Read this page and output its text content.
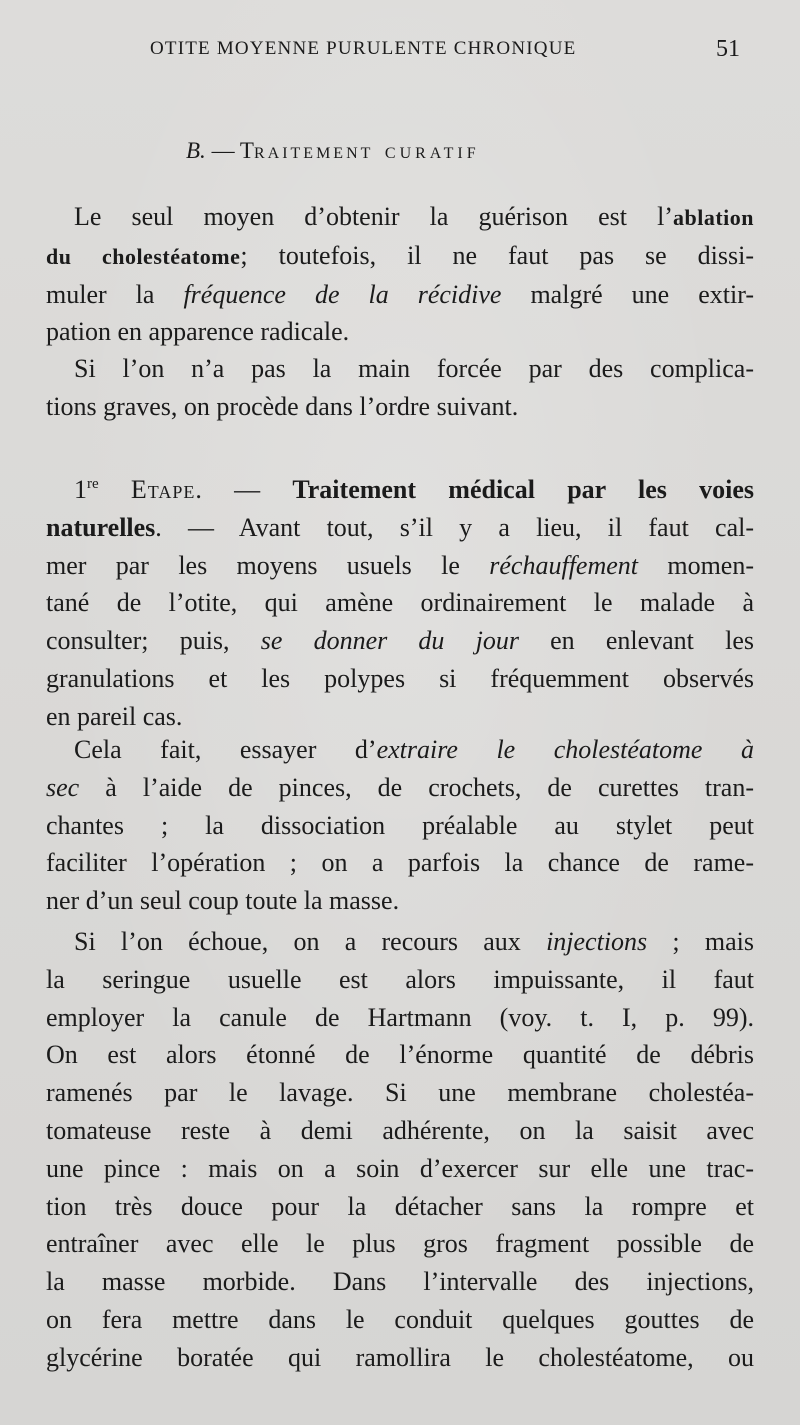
OTITE MOYENNE PURULENTE CHRONIQUE	51
B. — Traitement curatif
Le seul moyen d’obtenir la guérison est l’ablation
du cholestéatome; toutefois, il ne faut pas se dissi-
muler la fréquence de la récidive malgré une extir-
pation en apparence radicale.
Si l’on n’a pas la main forcée par des complica-
tions graves, on procède dans l’ordre suivant.
1re Etape. — Traitement médical par les voies
naturelles. — Avant tout, s’il y a lieu, il faut cal-
mer par les moyens usuels le réchauffement momen-
tané de l’otite, qui amène ordinairement le malade à
consulter; puis, se donner du jour en enlevant les
granulations et les polypes si fréquemment observés
en pareil cas.
Cela fait, essayer d’extraire le cholestéatome à
sec à l’aide de pinces, de crochets, de curettes tran-
chantes ; la dissociation préalable au stylet peut
faciliter l’opération ; on a parfois la chance de rame-
ner d’un seul coup toute la masse.
Si l’on échoue, on a recours aux injections ; mais
la seringue usuelle est alors impuissante, il faut
employer la canule de Hartmann (voy. t. I, p. 99).
On est alors étonné de l’énorme quantité de débris
ramenés par le lavage. Si une membrane cholestéa-
tomateuse reste à demi adhérente, on la saisit avec
une pince : mais on a soin d’exercer sur elle une trac-
tion très douce pour la détacher sans la rompre et
entraîner avec elle le plus gros fragment possible de
la masse morbide. Dans l’intervalle des injections,
on fera mettre dans le conduit quelques gouttes de
glycérine boratée qui ramollira le cholestéatome, ou
